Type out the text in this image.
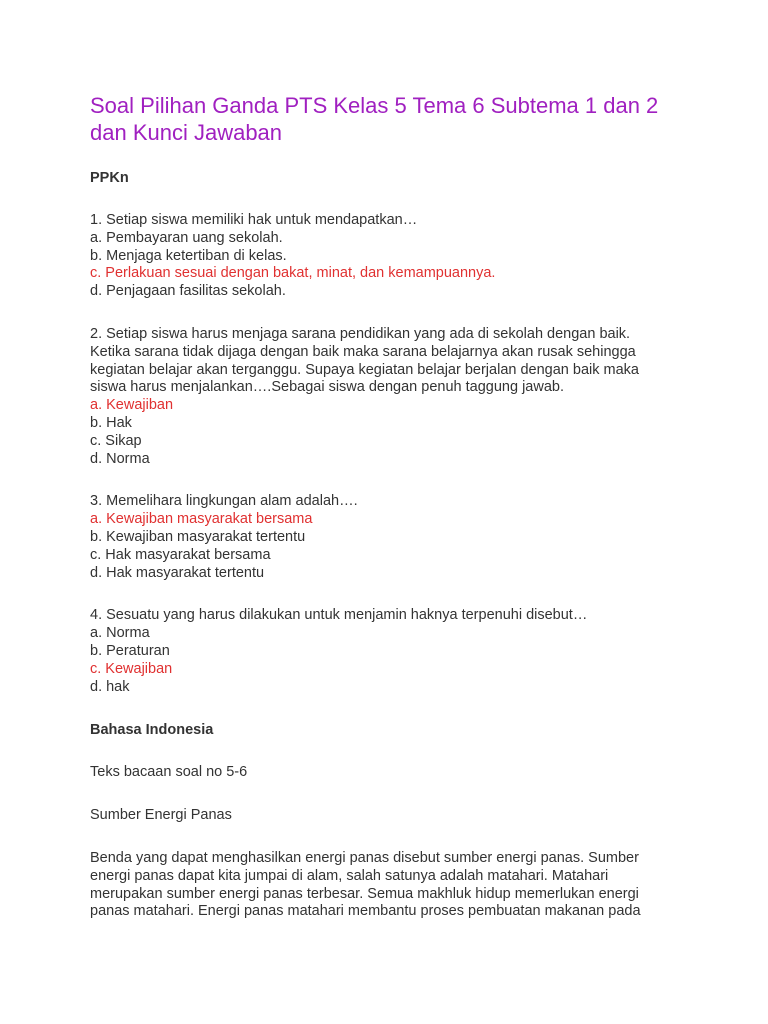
Soal Pilihan Ganda PTS Kelas 5 Tema 6 Subtema 1 dan 2 dan Kunci Jawaban
PPKn
1. Setiap siswa memiliki hak untuk mendapatkan…
a. Pembayaran uang sekolah.
b. Menjaga ketertiban di kelas.
c. Perlakuan sesuai dengan bakat, minat, dan kemampuannya.
d. Penjagaan fasilitas sekolah.
2. Setiap siswa harus menjaga sarana pendidikan yang ada di sekolah dengan baik.
Ketika sarana tidak dijaga dengan baik maka sarana belajarnya akan rusak sehingga
kegiatan belajar akan terganggu. Supaya kegiatan belajar berjalan dengan baik maka
siswa harus menjalankan….Sebagai siswa dengan penuh taggung jawab.
a. Kewajiban
b. Hak
c. Sikap
d. Norma
3. Memelihara lingkungan alam adalah….
a. Kewajiban masyarakat bersama
b. Kewajiban masyarakat tertentu
c. Hak masyarakat bersama
d. Hak masyarakat tertentu
4. Sesuatu yang harus dilakukan untuk menjamin haknya terpenuhi disebut…
a. Norma
b. Peraturan
c. Kewajiban
d. hak
Bahasa Indonesia
Teks bacaan soal no 5-6
Sumber Energi Panas
Benda yang dapat menghasilkan energi panas disebut sumber energi panas. Sumber
energi panas dapat kita jumpai di alam, salah satunya adalah matahari. Matahari
merupakan sumber energi panas terbesar. Semua makhluk hidup memerlukan energi
panas matahari. Energi panas matahari membantu proses pembuatan makanan pada
